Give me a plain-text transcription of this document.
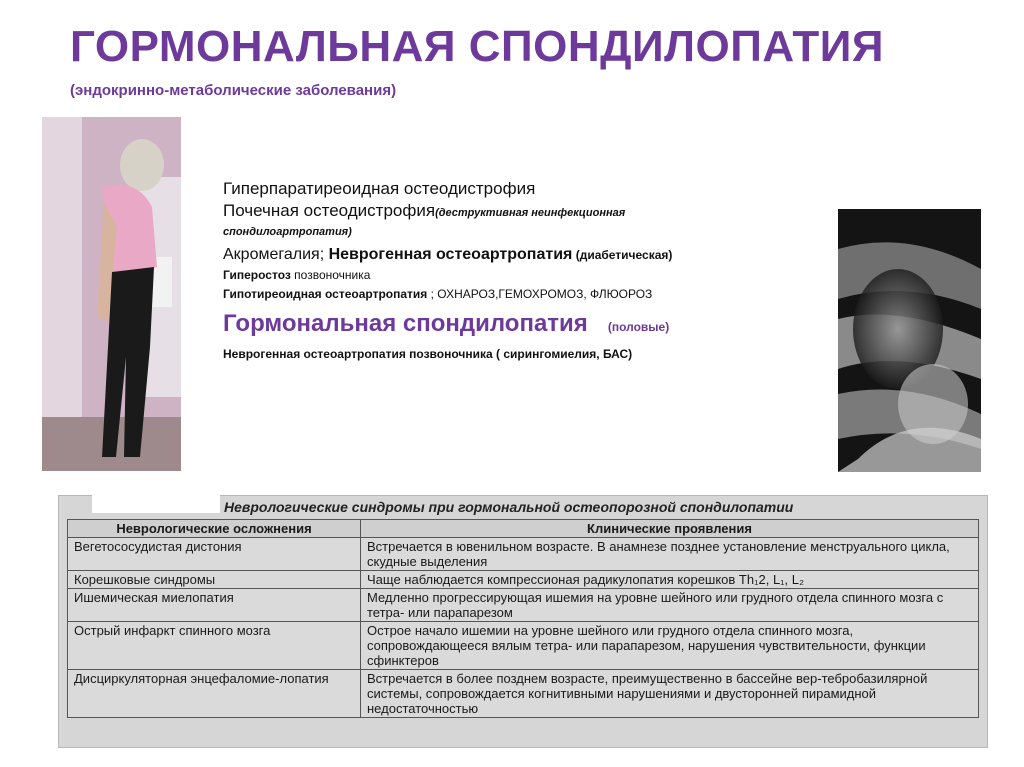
ГОРМОНАЛЬНАЯ СПОНДИЛОПАТИЯ
(эндокринно-метаболические заболевания)
Гиперпаратиреоидная остеодистрофия
Почечная остеодистрофия(деструктивная неинфекционная
спондилоартропатия)
Акромегалия; Неврогенная остеоартропатия (диабетическая)
Гиперостоз позвоночника
Гипотиреоидная остеоартропатия ; ОХНАРОЗ,ГЕМОХРОМОЗ, ФЛЮОРОЗ
Гормональная спондилопатия (половые)
Неврогенная остеоартропатия позвоночника ( сирингомиелия, БАС)
Неврологические синдромы при гормональной остеопорозной спондилопатии
Неврологические осложнения	Клинические проявления
Вегетососудистая дистония	Встречается в ювенильном возрасте. В анамнезе позднее установление менструального цикла, скудные выделения
Корешковые синдромы	Чаще наблюдается компрессионая радикулопатия корешков Th₁2, L₁, L₂
Ишемическая миелопатия	Медленно прогрессирующая ишемия на уровне шейного или грудного отдела спинного мозга с тетра- или парапарезом
Острый инфаркт спинного мозга	Острое начало ишемии на уровне шейного или грудного отдела спинного мозга, сопровождающееся вялым тетра- или парапарезом, нарушения чувствительности, функции сфинктеров
Дисциркуляторная энцефаломие-лопатия	Встречается в более позднем возрасте, преимущественно в бассейне вер-тебробазилярной системы, сопровождается когнитивными нарушениями и двусторонней пирамидной недостаточностью
